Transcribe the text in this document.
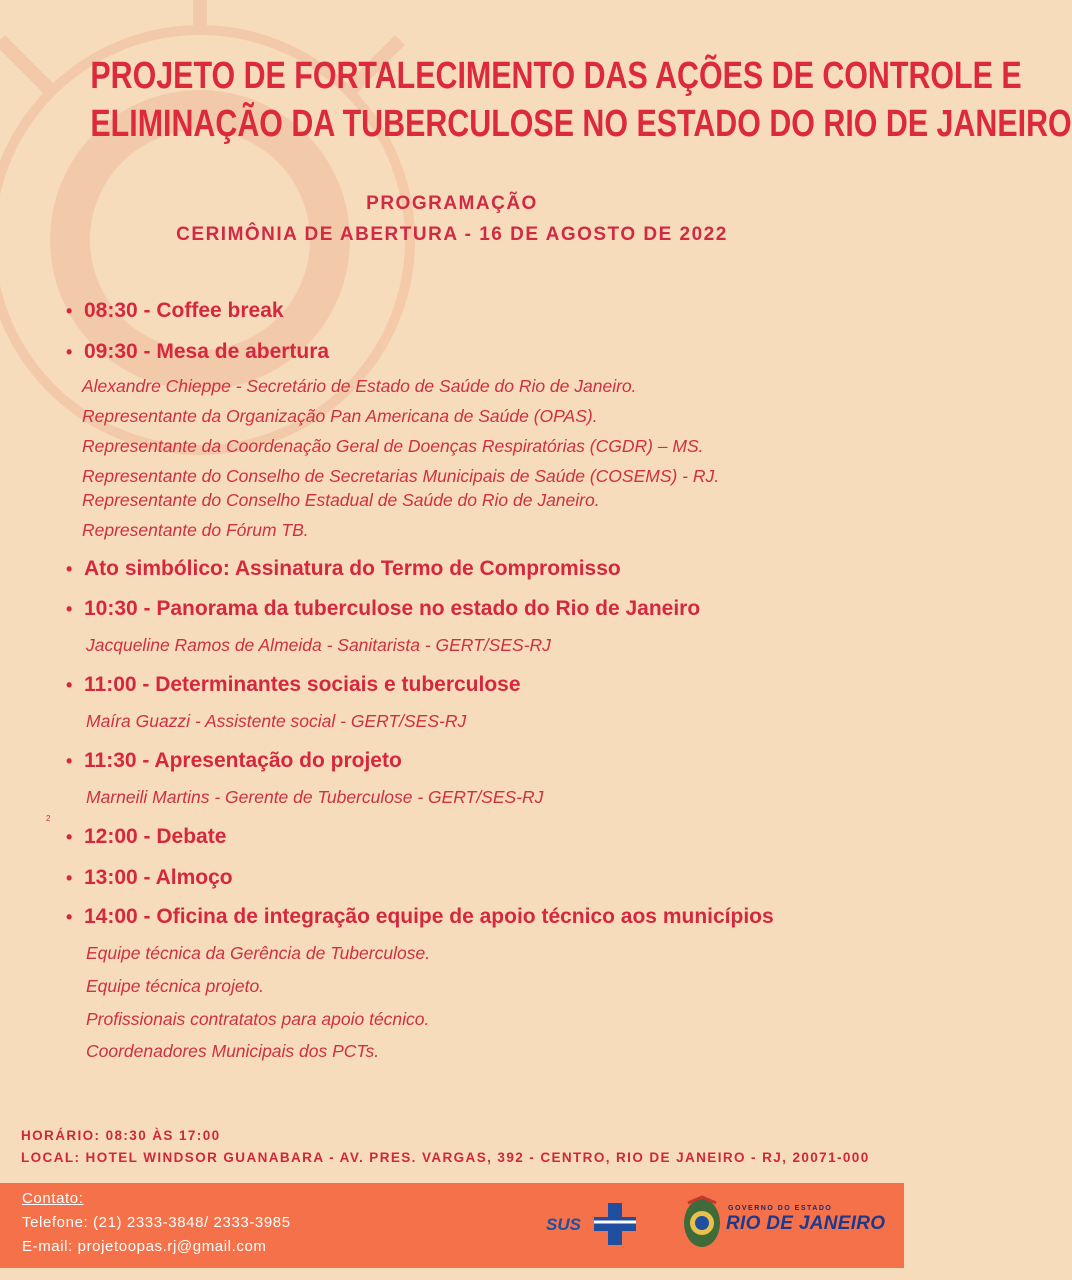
PROJETO DE FORTALECIMENTO DAS AÇÕES DE CONTROLE E
ELIMINAÇÃO DA TUBERCULOSE NO ESTADO DO RIO DE JANEIRO
PROGRAMAÇÃO
CERIMÔNIA DE ABERTURA - 16 DE AGOSTO DE 2022
• 08:30 - Coffee break
• 09:30 - Mesa de abertura
Alexandre Chieppe - Secretário de Estado de Saúde do Rio de Janeiro.
Representante da Organização Pan Americana de Saúde (OPAS).
Representante da Coordenação Geral de Doenças Respiratórias (CGDR) – MS.
Representante do Conselho de Secretarias Municipais de Saúde (COSEMS) - RJ.
Representante do Conselho Estadual de Saúde do Rio de Janeiro.
Representante do Fórum TB.
• Ato simbólico: Assinatura do Termo de Compromisso
• 10:30 - Panorama da tuberculose no estado do Rio de Janeiro
Jacqueline Ramos de Almeida - Sanitarista - GERT/SES-RJ
• 11:00 - Determinantes sociais e tuberculose
Maíra Guazzi - Assistente social - GERT/SES-RJ
• 11:30 - Apresentação do projeto
Marneili Martins - Gerente de Tuberculose - GERT/SES-RJ
• 12:00 - Debate
• 13:00 - Almoço
• 14:00 - Oficina de integração equipe de apoio técnico aos municípios
Equipe técnica da Gerência de Tuberculose.
Equipe técnica projeto.
Profissionais contratatos para apoio técnico.
Coordenadores Municipais dos PCTs.
2
HORÁRIO: 08:30 ÀS 17:00
LOCAL: HOTEL WINDSOR GUANABARA - AV. PRES. VARGAS, 392 - CENTRO, RIO DE JANEIRO - RJ, 20071-000
Contato:
Telefone: (21) 2333-3848/ 2333-3985
E-mail: projetoopas.rj@gmail.com
SUS
GOVERNO DO ESTADO
RIO DE JANEIRO
